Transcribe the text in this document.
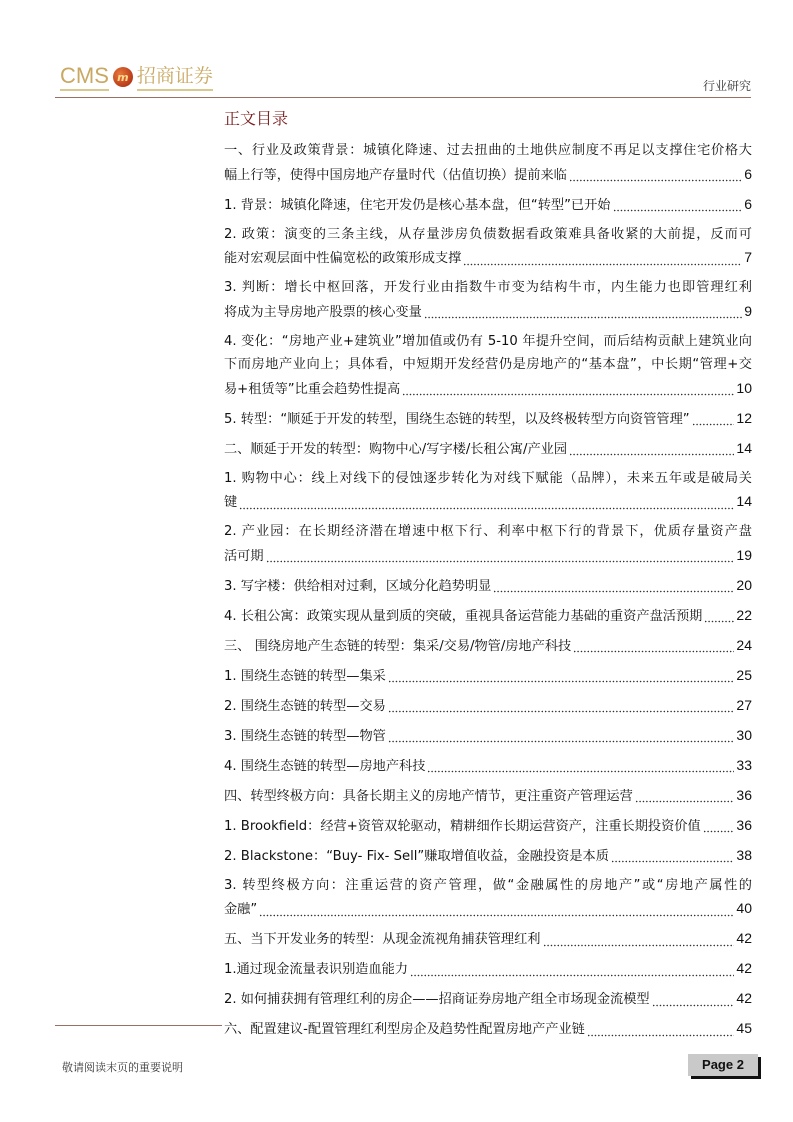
CMS m 招商证券	行业研究
正文目录
一、行业及政策背景：城镇化降速、过去扭曲的土地供应制度不再足以支撑住宅价格大
幅上行等，使得中国房地产存量时代（估值切换）提前来临	6
1. 背景：城镇化降速，住宅开发仍是核心基本盘，但“转型”已开始	6
2. 政策：演变的三条主线，从存量涉房负债数据看政策难具备收紧的大前提，反而可
能对宏观层面中性偏宽松的政策形成支撑	7
3. 判断：增长中枢回落，开发行业由指数牛市变为结构牛市，内生能力也即管理红利
将成为主导房地产股票的核心变量	9
4. 变化：“房地产业+建筑业”增加值或仍有 5-10 年提升空间，而后结构贡献上建筑业向
下而房地产业向上；具体看，中短期开发经营仍是房地产的“基本盘”，中长期“管理+交
易+租赁等”比重会趋势性提高	10
5. 转型：“顺延于开发的转型，围绕生态链的转型，以及终极转型方向资管管理”	12
二、顺延于开发的转型：购物中心/写字楼/长租公寓/产业园	14
1. 购物中心：线上对线下的侵蚀逐步转化为对线下赋能（品牌），未来五年或是破局关
键	14
2. 产业园：在长期经济潜在增速中枢下行、利率中枢下行的背景下，优质存量资产盘
活可期	19
3. 写字楼：供给相对过剩，区域分化趋势明显	20
4. 长租公寓：政策实现从量到质的突破，重视具备运营能力基础的重资产盘活预期 22
三、 围绕房地产生态链的转型：集采/交易/物管/房地产科技	24
1. 围绕生态链的转型—集采	25
2. 围绕生态链的转型—交易	27
3. 围绕生态链的转型—物管	30
4. 围绕生态链的转型—房地产科技	33
四、转型终极方向：具备长期主义的房地产情节，更注重资产管理运营	36
1. Brookfield：经营+资管双轮驱动，精耕细作长期运营资产，注重长期投资价值	36
2. Blackstone：“Buy- Fix- Sell”赚取增值收益，金融投资是本质	38
3. 转型终极方向：注重运营的资产管理，做“金融属性的房地产”或“房地产属性的
金融”	40
五、当下开发业务的转型：从现金流视角捕获管理红利	42
1.通过现金流量表识别造血能力	42
2. 如何捕获拥有管理红利的房企——招商证券房地产组全市场现金流模型	42
六、配置建议-配置管理红利型房企及趋势性配置房地产产业链	45
敬请阅读末页的重要说明	Page 2
